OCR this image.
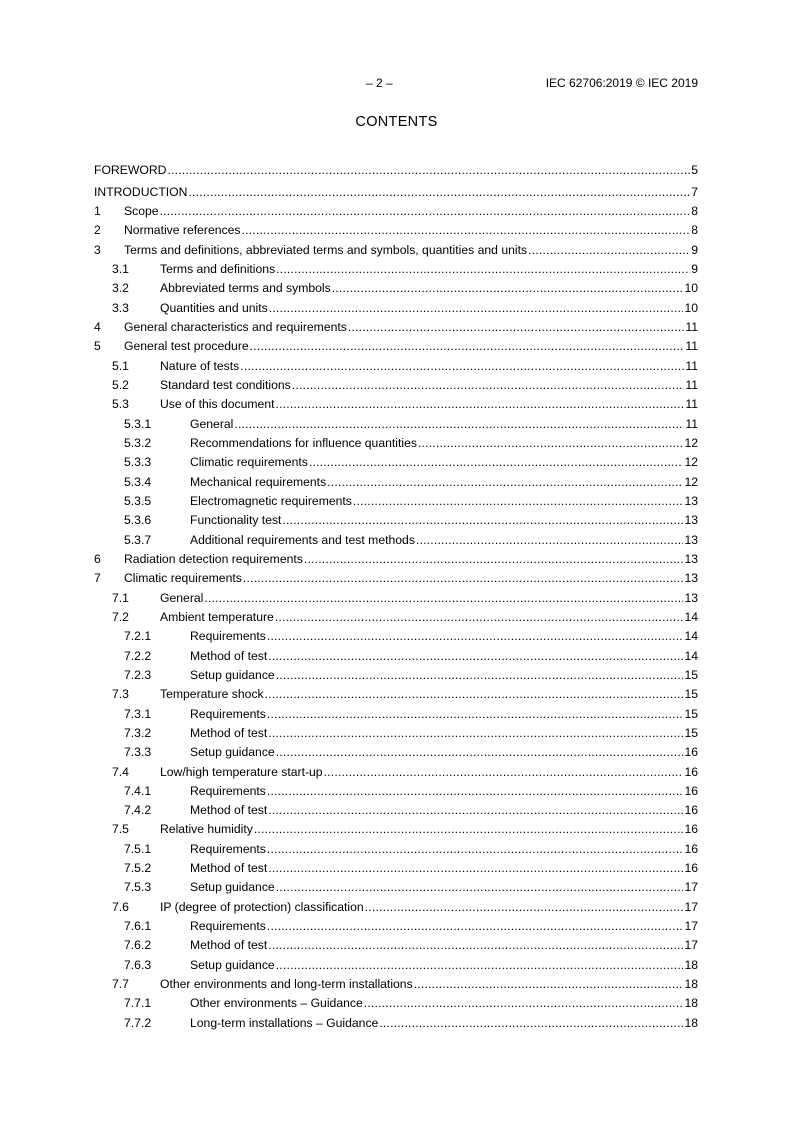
– 2 –	IEC 62706:2019 © IEC 2019
CONTENTS
FOREWORD .....	5
INTRODUCTION .....	7
1 Scope .....	8
2 Normative references .....	8
3 Terms and definitions, abbreviated terms and symbols, quantities and units .....	9
3.1	Terms and definitions .....	9
3.2	Abbreviated terms and symbols .....	10
3.3	Quantities and units .....	10
4 General characteristics and requirements .....	11
5 General test procedure .....	11
5.1	Nature of tests .....	11
5.2	Standard test conditions .....	11
5.3	Use of this document .....	11
5.3.1	General .....	11
5.3.2	Recommendations for influence quantities .....	12
5.3.3	Climatic requirements .....	12
5.3.4	Mechanical requirements .....	12
5.3.5	Electromagnetic requirements .....	13
5.3.6	Functionality test .....	13
5.3.7	Additional requirements and test methods .....	13
6 Radiation detection requirements .....	13
7 Climatic requirements .....	13
7.1	General .....	13
7.2	Ambient temperature .....	14
7.2.1	Requirements .....	14
7.2.2	Method of test .....	14
7.2.3	Setup guidance .....	15
7.3	Temperature shock .....	15
7.3.1	Requirements .....	15
7.3.2	Method of test .....	15
7.3.3	Setup guidance .....	16
7.4	Low/high temperature start-up .....	16
7.4.1	Requirements .....	16
7.4.2	Method of test .....	16
7.5	Relative humidity .....	16
7.5.1	Requirements .....	16
7.5.2	Method of test .....	16
7.5.3	Setup guidance .....	17
7.6	IP (degree of protection) classification .....	17
7.6.1	Requirements .....	17
7.6.2	Method of test .....	17
7.6.3	Setup guidance .....	18
7.7	Other environments and long-term installations .....	18
7.7.1	Other environments – Guidance .....	18
7.7.2	Long-term installations – Guidance .....	18
